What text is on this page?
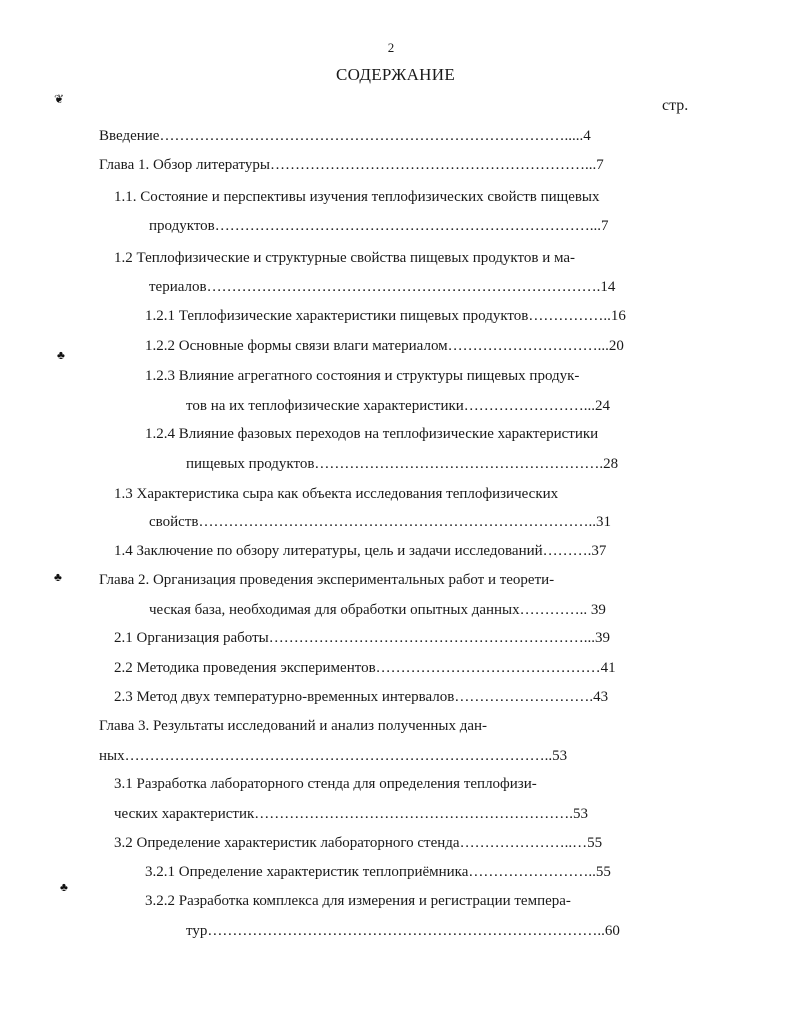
2
СОДЕРЖАНИЕ
стр.
❦
♣
♣
♣
Введение……………………………………………………………………….....4
Глава 1. Обзор литературы………………………………………………………...7
1.1. Состояние и перспективы изучения теплофизических свойств пищевых
продуктов…………………………………………………………………...7
1.2 Теплофизические и структурные свойства пищевых продуктов и ма-
териалов…………………………………………………………………….14
1.2.1 Теплофизические характеристики пищевых продуктов……………..16
1.2.2 Основные формы связи влаги материалом…………………………...20
1.2.3 Влияние агрегатного состояния и структуры пищевых продук-
тов на их теплофизические характеристики……………………...24
1.2.4 Влияние фазовых переходов на теплофизические характеристики
пищевых продуктов………………………………………………….28
1.3 Характеристика сыра как объекта исследования теплофизических
свойств……………………………………………………………………..31
1.4 Заключение по обзору литературы, цель и задачи исследований……….37
Глава 2. Организация проведения экспериментальных работ и теорети-
ческая база, необходимая для обработки опытных данных………….. 39
2.1 Организация работы………………………………………………………...39
2.2 Методика проведения экспериментов………………………………………41
2.3 Метод двух температурно-временных интервалов……………………….43
Глава 3. Результаты исследований и анализ полученных дан-
ных…………………………………………………………………………..53
3.1 Разработка лабораторного стенда для определения теплофизи-
ческих характеристик……………………………………………………….53
3.2 Определение характеристик лабораторного стенда…………………..…55
3.2.1 Определение характеристик теплоприёмника……………………..55
3.2.2 Разработка комплекса для измерения и регистрации темпера-
тур……………………………………………………………………..60
